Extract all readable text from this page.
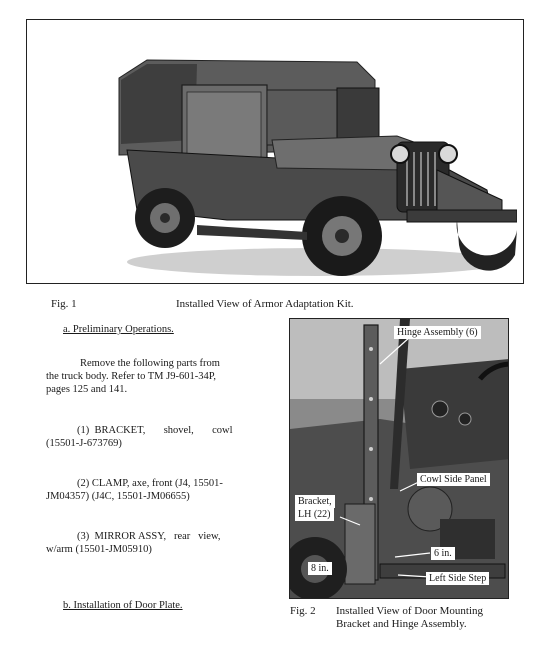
Fig. 1	Installed View of Armor Adaptation Kit.
a. Preliminary Operations.
Remove the following parts from
the truck body. Refer to TM J9-601-34P,
pages 125 and 141.
(1)  BRACKET,       shovel,       cowl
(15501-J-673769)
(2) CLAMP, axe, front (J4, 15501-
JM04357) (J4C, 15501-JM06655)
(3)  MIRROR ASSY,   rear   view,
w/arm (15501-JM05910)
b. Installation of Door Plate.
Hinge Assembly (6)
Cowl Side Panel
Bracket,
LH (22)
6 in.
8 in.
Left Side Step
Fig. 2 Installed View of Door Mounting
Bracket and Hinge Assembly.
